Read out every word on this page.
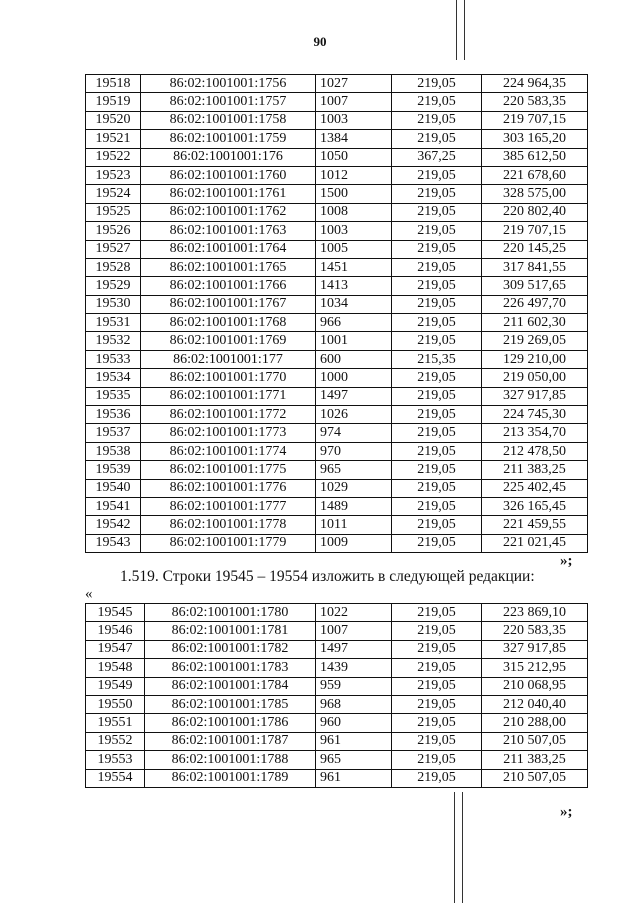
90
19518	86:02:1001001:1756	1027	219,05	224 964,35
19519	86:02:1001001:1757	1007	219,05	220 583,35
19520	86:02:1001001:1758	1003	219,05	219 707,15
19521	86:02:1001001:1759	1384	219,05	303 165,20
19522	86:02:1001001:176	1050	367,25	385 612,50
19523	86:02:1001001:1760	1012	219,05	221 678,60
19524	86:02:1001001:1761	1500	219,05	328 575,00
19525	86:02:1001001:1762	1008	219,05	220 802,40
19526	86:02:1001001:1763	1003	219,05	219 707,15
19527	86:02:1001001:1764	1005	219,05	220 145,25
19528	86:02:1001001:1765	1451	219,05	317 841,55
19529	86:02:1001001:1766	1413	219,05	309 517,65
19530	86:02:1001001:1767	1034	219,05	226 497,70
19531	86:02:1001001:1768	966	219,05	211 602,30
19532	86:02:1001001:1769	1001	219,05	219 269,05
19533	86:02:1001001:177	600	215,35	129 210,00
19534	86:02:1001001:1770	1000	219,05	219 050,00
19535	86:02:1001001:1771	1497	219,05	327 917,85
19536	86:02:1001001:1772	1026	219,05	224 745,30
19537	86:02:1001001:1773	974	219,05	213 354,70
19538	86:02:1001001:1774	970	219,05	212 478,50
19539	86:02:1001001:1775	965	219,05	211 383,25
19540	86:02:1001001:1776	1029	219,05	225 402,45
19541	86:02:1001001:1777	1489	219,05	326 165,45
19542	86:02:1001001:1778	1011	219,05	221 459,55
19543	86:02:1001001:1779	1009	219,05	221 021,45
»;
1.519. Строки 19545 – 19554 изложить в следующей редакции:
«
19545	86:02:1001001:1780	1022	219,05	223 869,10
19546	86:02:1001001:1781	1007	219,05	220 583,35
19547	86:02:1001001:1782	1497	219,05	327 917,85
19548	86:02:1001001:1783	1439	219,05	315 212,95
19549	86:02:1001001:1784	959	219,05	210 068,95
19550	86:02:1001001:1785	968	219,05	212 040,40
19551	86:02:1001001:1786	960	219,05	210 288,00
19552	86:02:1001001:1787	961	219,05	210 507,05
19553	86:02:1001001:1788	965	219,05	211 383,25
19554	86:02:1001001:1789	961	219,05	210 507,05
»;
